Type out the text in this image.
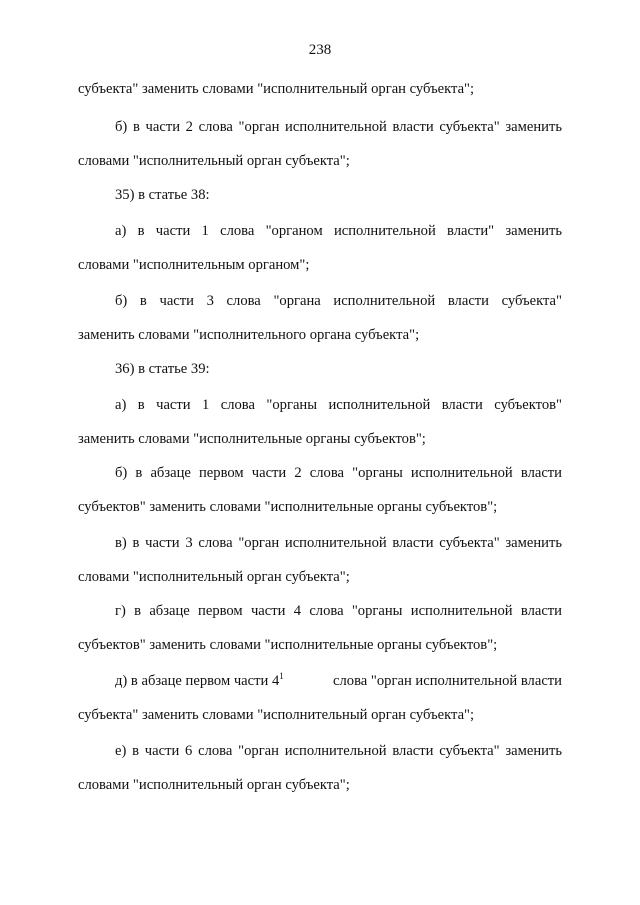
238
субъекта" заменить словами "исполнительный орган субъекта";
б) в части 2 слова "орган исполнительной власти субъекта" заменить
словами "исполнительный орган субъекта";
35) в статье 38:
а) в части 1 слова "органом исполнительной власти" заменить
словами "исполнительным органом";
б) в части 3 слова "органа исполнительной власти субъекта"
заменить словами "исполнительного органа субъекта";
36) в статье 39:
а) в части 1 слова "органы исполнительной власти субъектов"
заменить словами "исполнительные органы субъектов";
б) в абзаце первом части 2 слова "органы исполнительной власти
субъектов" заменить словами "исполнительные органы субъектов";
в) в части 3 слова "орган исполнительной власти субъекта" заменить
словами "исполнительный орган субъекта";
г) в абзаце первом части 4 слова "органы исполнительной власти
субъектов" заменить словами "исполнительные органы субъектов";
д) в абзаце первом части $4^1$	слова "орган исполнительной власти
субъекта" заменить словами "исполнительный орган субъекта";
е) в части 6 слова "орган исполнительной власти субъекта" заменить
словами "исполнительный орган субъекта";
